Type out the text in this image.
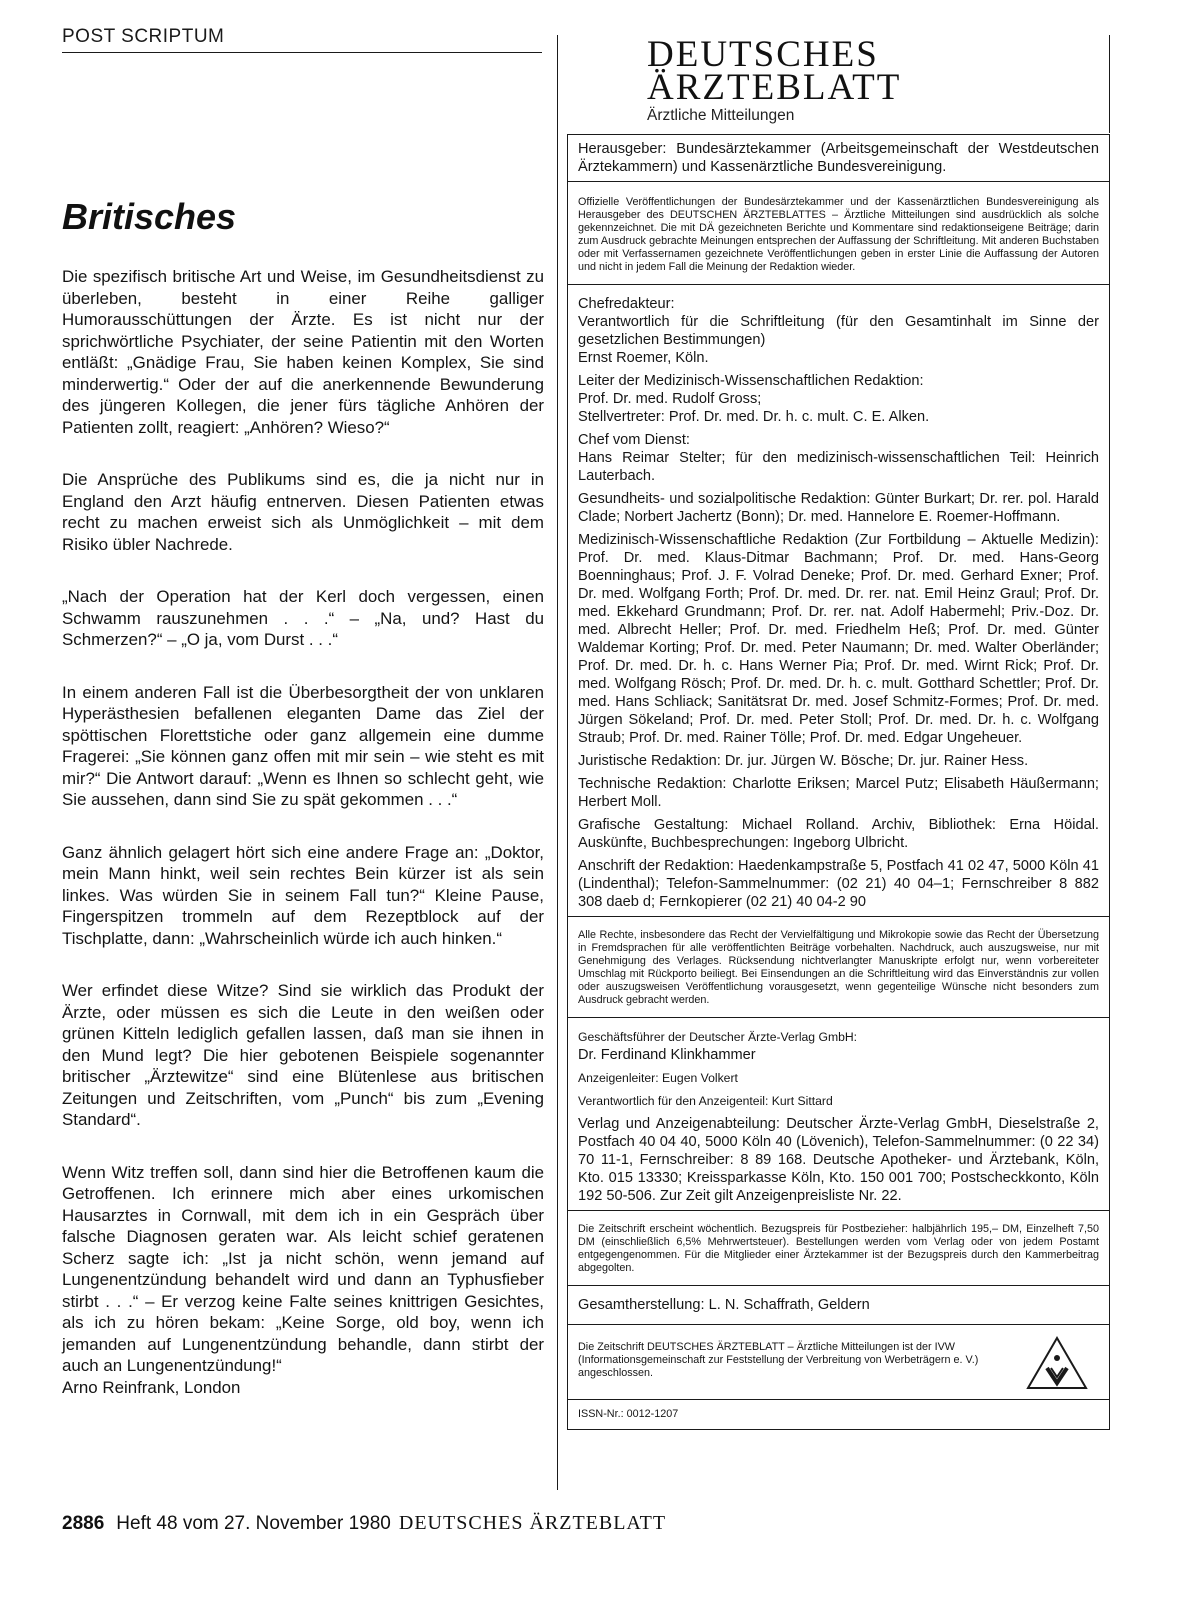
POST SCRIPTUM
Britisches

Die spezifisch britische Art und Weise, im Gesundheitsdienst zu überleben, besteht in einer Reihe galliger Humorausschüttungen der Ärzte. Es ist nicht nur der sprichwörtliche Psychiater, der seine Patientin mit den Worten entläßt: „Gnädige Frau, Sie haben keinen Komplex, Sie sind minderwertig.“ Oder der auf die anerkennende Bewunderung des jüngeren Kollegen, die jener fürs tägliche Anhören der Patienten zollt, reagiert: „Anhören? Wieso?“

Die Ansprüche des Publikums sind es, die ja nicht nur in England den Arzt häufig entnerven. Diesen Patienten etwas recht zu machen erweist sich als Unmöglichkeit – mit dem Risiko übler Nachrede.

„Nach der Operation hat der Kerl doch vergessen, einen Schwamm rauszunehmen . . .“ – „Na, und? Hast du Schmerzen?“ – „O ja, vom Durst . . .“

In einem anderen Fall ist die Überbesorgtheit der von unklaren Hyperästhesien befallenen eleganten Dame das Ziel der spöttischen Florettstiche oder ganz allgemein eine dumme Fragerei: „Sie können ganz offen mit mir sein – wie steht es mit mir?“ Die Antwort darauf: „Wenn es Ihnen so schlecht geht, wie Sie aussehen, dann sind Sie zu spät gekommen . . .“

Ganz ähnlich gelagert hört sich eine andere Frage an: „Doktor, mein Mann hinkt, weil sein rechtes Bein kürzer ist als sein linkes. Was würden Sie in seinem Fall tun?“ Kleine Pause, Fingerspitzen trommeln auf dem Rezeptblock auf der Tischplatte, dann: „Wahrscheinlich würde ich auch hinken.“

Wer erfindet diese Witze? Sind sie wirklich das Produkt der Ärzte, oder müssen es sich die Leute in den weißen oder grünen Kitteln lediglich gefallen lassen, daß man sie ihnen in den Mund legt? Die hier gebotenen Beispiele sogenannter britischer „Ärztewitze“ sind eine Blütenlese aus britischen Zeitungen und Zeitschriften, vom „Punch“ bis zum „Evening Standard“.

Wenn Witz treffen soll, dann sind hier die Betroffenen kaum die Getroffenen. Ich erinnere mich aber eines urkomischen Hausarztes in Cornwall, mit dem ich in ein Gespräch über falsche Diagnosen geraten war. Als leicht schief geratenen Scherz sagte ich: „Ist ja nicht schön, wenn jemand auf Lungenentzündung behandelt wird und dann an Typhusfieber stirbt . . .“ – Er verzog keine Falte seines knittrigen Gesichtes, als ich zu hören bekam: „Keine Sorge, old boy, wenn ich jemanden auf Lungenentzündung behandle, dann stirbt der auch an Lungenentzündung!“

Arno Reinfrank, London

DEUTSCHES
ÄRZTEBLATT
Ärztliche Mitteilungen

Herausgeber: Bundesärztekammer (Arbeitsgemeinschaft der Westdeutschen Ärztekammern) und Kassenärztliche Bundesvereinigung.

Offizielle Veröffentlichungen der Bundesärztekammer und der Kassenärztlichen Bundesvereinigung als Herausgeber des DEUTSCHEN ÄRZTEBLATTES – Ärztliche Mitteilungen sind ausdrücklich als solche gekennzeichnet. Die mit DÄ gezeichneten Berichte und Kommentare sind redaktionseigene Beiträge; darin zum Ausdruck gebrachte Meinungen entsprechen der Auffassung der Schriftleitung. Mit anderen Buchstaben oder mit Verfassernamen gezeichnete Veröffentlichungen geben in erster Linie die Auffassung der Autoren und nicht in jedem Fall die Meinung der Redaktion wieder.

Chefredakteur:

Verantwortlich für die Schriftleitung (für den Gesamtinhalt im Sinne der gesetzlichen Bestimmungen)

Ernst Roemer, Köln.

Leiter der Medizinisch-Wissenschaftlichen Redaktion:

Prof. Dr. med. Rudolf Gross;

Stellvertreter: Prof. Dr. med. Dr. h. c. mult. C. E. Alken.

Chef vom Dienst:

Hans Reimar Stelter; für den medizinisch-wissenschaftlichen Teil: Heinrich Lauterbach.

Gesundheits- und sozialpolitische Redaktion: Günter Burkart; Dr. rer. pol. Harald Clade; Norbert Jachertz (Bonn); Dr. med. Hannelore E. Roemer-Hoffmann.

Medizinisch-Wissenschaftliche Redaktion (Zur Fortbildung – Aktuelle Medizin): Prof. Dr. med. Klaus-Ditmar Bachmann; Prof. Dr. med. Hans-Georg Boenninghaus; Prof. J. F. Volrad Deneke; Prof. Dr. med. Gerhard Exner; Prof. Dr. med. Wolfgang Forth; Prof. Dr. med. Dr. rer. nat. Emil Heinz Graul; Prof. Dr. med. Ekkehard Grundmann; Prof. Dr. rer. nat. Adolf Habermehl; Priv.-Doz. Dr. med. Albrecht Heller; Prof. Dr. med. Friedhelm Heß; Prof. Dr. med. Günter Waldemar Korting; Prof. Dr. med. Peter Naumann; Dr. med. Walter Oberländer; Prof. Dr. med. Dr. h. c. Hans Werner Pia; Prof. Dr. med. Wirnt Rick; Prof. Dr. med. Wolfgang Rösch; Prof. Dr. med. Dr. h. c. mult. Gotthard Schettler; Prof. Dr. med. Hans Schliack; Sanitätsrat Dr. med. Josef Schmitz-Formes; Prof. Dr. med. Jürgen Sökeland; Prof. Dr. med. Peter Stoll; Prof. Dr. med. Dr. h. c. Wolfgang Straub; Prof. Dr. med. Rainer Tölle; Prof. Dr. med. Edgar Ungeheuer.

Juristische Redaktion: Dr. jur. Jürgen W. Bösche; Dr. jur. Rainer Hess.

Technische Redaktion: Charlotte Eriksen; Marcel Putz; Elisabeth Häußermann; Herbert Moll.

Grafische Gestaltung: Michael Rolland. Archiv, Bibliothek: Erna Höidal. Auskünfte, Buchbesprechungen: Ingeborg Ulbricht.

Anschrift der Redaktion: Haedenkampstraße 5, Postfach 41 02 47, 5000 Köln 41 (Lindenthal); Telefon-Sammelnummer: (02 21) 40 04–1; Fernschreiber 8 882 308 daeb d; Fernkopierer (02 21) 40 04-2 90

Alle Rechte, insbesondere das Recht der Vervielfältigung und Mikrokopie sowie das Recht der Übersetzung in Fremdsprachen für alle veröffentlichten Beiträge vorbehalten. Nachdruck, auch auszugsweise, nur mit Genehmigung des Verlages. Rücksendung nichtverlangter Manuskripte erfolgt nur, wenn vorbereiteter Umschlag mit Rückporto beiliegt. Bei Einsendungen an die Schriftleitung wird das Einverständnis zur vollen oder auszugsweisen Veröffentlichung vorausgesetzt, wenn gegenteilige Wünsche nicht besonders zum Ausdruck gebracht werden.

Geschäftsführer der Deutscher Ärzte-Verlag GmbH:

Dr. Ferdinand Klinkhammer

Anzeigenleiter: Eugen Volkert

Verantwortlich für den Anzeigenteil: Kurt Sittard

Verlag und Anzeigenabteilung: Deutscher Ärzte-Verlag GmbH, Dieselstraße 2, Postfach 40 04 40, 5000 Köln 40 (Lövenich), Telefon-Sammelnummer: (0 22 34) 70 11-1, Fernschreiber: 8 89 168. Deutsche Apotheker- und Ärztebank, Köln, Kto. 015 13330; Kreissparkasse Köln, Kto. 150 001 700; Postscheckkonto, Köln 192 50-506. Zur Zeit gilt Anzeigenpreisliste Nr. 22.

Die Zeitschrift erscheint wöchentlich. Bezugspreis für Postbezieher: halbjährlich 195,– DM, Einzelheft 7,50 DM (einschließlich 6,5% Mehrwertsteuer). Bestellungen werden vom Verlag oder von jedem Postamt entgegengenommen. Für die Mitglieder einer Ärztekammer ist der Bezugspreis durch den Kammerbeitrag abgegolten.

Gesamtherstellung: L. N. Schaffrath, Geldern

Die Zeitschrift DEUTSCHES ÄRZTEBLATT – Ärztliche Mitteilungen ist der IVW (Informationsgemeinschaft zur Feststellung der Verbreitung von Werbeträgern e. V.) angeschlossen.

ISSN-Nr.: 0012-1207

2886 Heft 48 vom 27. November 1980 DEUTSCHES ÄRZTEBLATT
